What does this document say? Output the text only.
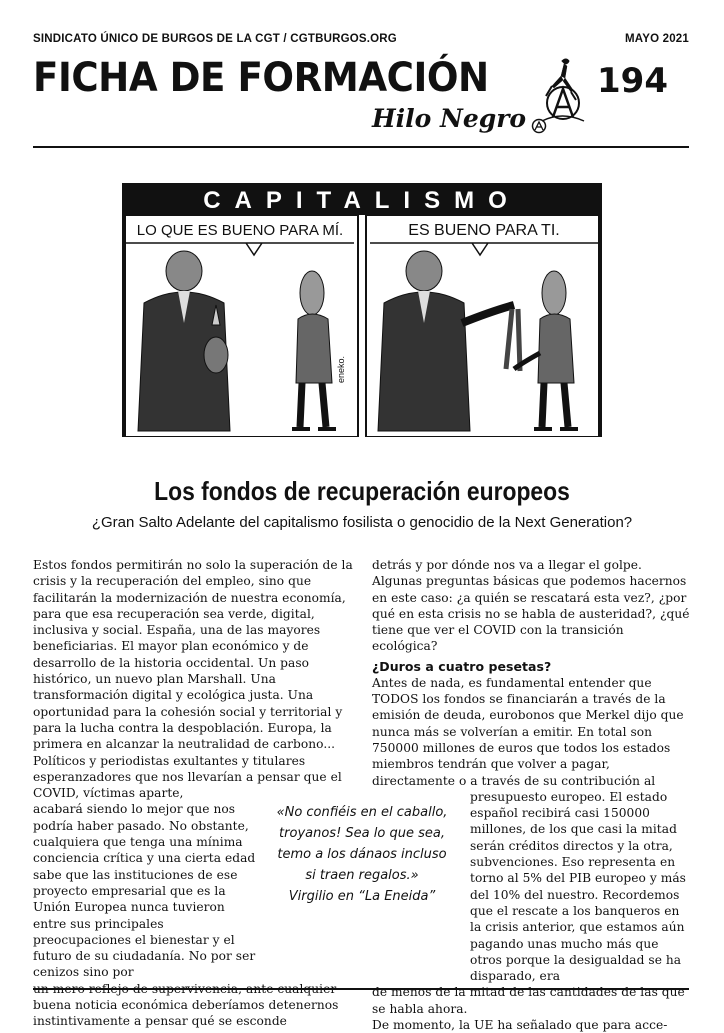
SINDICATO ÚNICO DE BURGOS DE LA CGT / CGTBURGOS.ORG	MAYO 2021
FICHA DE FORMACIÓN	194
Hilo Negro
CAPITALISMO
LO QUE ES BUENO PARA MÍ.	ES BUENO PARA TI.
eneko.
Los fondos de recuperación europeos
¿Gran Salto Adelante del capitalismo fosilista o genocidio de la Next Generation?

Estos fondos permitirán no solo la superación de la crisis y la recuperación del empleo, sino que facilitarán la modernización de nuestra economía, para que esa recuperación sea verde, digital, inclusiva y social. España, una de las mayores beneficiarias. El mayor plan económico y de desarrollo de la historia occidental. Un paso histórico, un nuevo plan Marshall. Una transformación digital y ecológica justa. Una oportunidad para la cohesión social y territorial y para la lucha contra la despoblación. Europa, la primera en alcanzar la neutralidad de carbono...

Políticos y periodistas exultantes y titulares esperanzadores que nos llevarían a pensar que el COVID, víctimas aparte,

acabará siendo lo mejor que nos podría haber pasado. No obstante, cualquiera que tenga una mínima conciencia crítica y una cierta edad sabe que las instituciones de ese proyecto empresarial que es la Unión Europea nunca tuvieron entre sus principales preocupaciones el bienestar y el futuro de su ciudadanía. No por ser cenizos sino por

un mero reflejo de supervivencia, ante cualquier buena noticia económica deberíamos detenernos instintivamente a pensar qué se esconde

detrás y por dónde nos va a llegar el golpe. Algunas preguntas básicas que podemos hacernos en este caso: ¿a quién se rescatará esta vez?, ¿por qué en esta crisis no se habla de austeridad?, ¿qué tiene que ver el COVID con la transición ecológica?

¿Duros a cuatro pesetas?

Antes de nada, es fundamental entender que TODOS los fondos se financiarán a través de la emisión de deuda, eurobonos que Merkel dijo que nunca más se volverían a emitir. En total son 750000 millones de euros que todos los estados miembros tendrán que volver a pagar, directamente o a través de su contribución al

presupuesto europeo. El estado español recibirá casi 150000 millones, de los que casi la mitad serán créditos directos y la otra, subvenciones. Eso representa en torno al 5% del PIB europeo y más del 10% del nuestro. Recordemos que el rescate a los banqueros en la crisis anterior, que estamos aún pagando unas mucho más que otros porque la desigualdad se ha disparado, era

de menos de la mitad de las cantidades de las que se habla ahora.

De momento, la UE ha señalado que para acce-

«No confiéis en el caballo,
troyanos! Sea lo que sea,
temo a los dánaos incluso
si traen regalos.»
Virgilio en “La Eneida”
